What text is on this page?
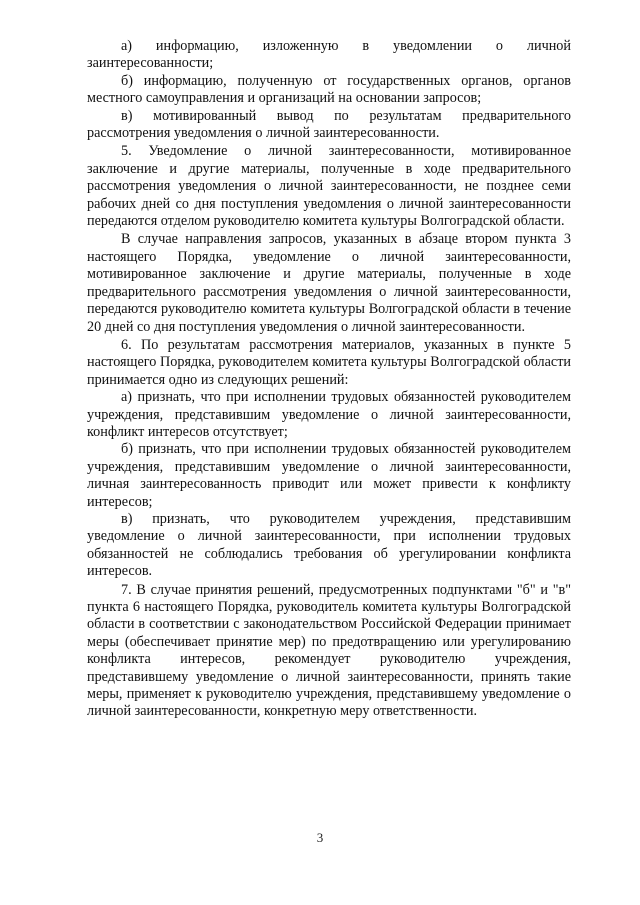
а) информацию, изложенную в уведомлении о личной заинтересованности;

б) информацию, полученную от государственных органов, органов местного самоуправления и организаций на основании запросов;

в) мотивированный вывод по результатам предварительного рассмотрения уведомления о личной заинтересованности.

5. Уведомление о личной заинтересованности, мотивированное заключение и другие материалы, полученные в ходе предварительного рассмотрения уведомления о личной заинтересованности, не позднее семи рабочих дней со дня поступления уведомления о личной заинтересованности передаются отделом руководителю комитета культуры Волгоградской области.

В случае направления запросов, указанных в абзаце втором пункта 3 настоящего Порядка, уведомление о личной заинтересованности, мотивированное заключение и другие материалы, полученные в ходе предварительного рассмотрения уведомления о личной заинтересованности, передаются руководителю комитета культуры Волгоградской области в течение 20 дней со дня поступления уведомления о личной заинтересованности.

6. По результатам рассмотрения материалов, указанных в пункте 5 настоящего Порядка, руководителем комитета культуры Волгоградской области принимается одно из следующих решений:

а) признать, что при исполнении трудовых обязанностей руководителем учреждения, представившим уведомление о личной заинтересованности, конфликт интересов отсутствует;

б) признать, что при исполнении трудовых обязанностей руководителем учреждения, представившим уведомление о личной заинтересованности, личная заинтересованность приводит или может привести к конфликту интересов;

в) признать, что руководителем учреждения, представившим уведомление о личной заинтересованности, при исполнении трудовых обязанностей не соблюдались требования об урегулировании конфликта интересов.

7. В случае принятия решений, предусмотренных подпунктами "б" и "в" пункта 6 настоящего Порядка, руководитель комитета культуры Волгоградской области в соответствии с законодательством Российской Федерации принимает меры (обеспечивает принятие мер) по предотвращению или урегулированию конфликта интересов, рекомендует руководителю учреждения, представившему уведомление о личной заинтересованности, принять такие меры, применяет к руководителю учреждения, представившему уведомление о личной заинтересованности, конкретную меру ответственности.

3
